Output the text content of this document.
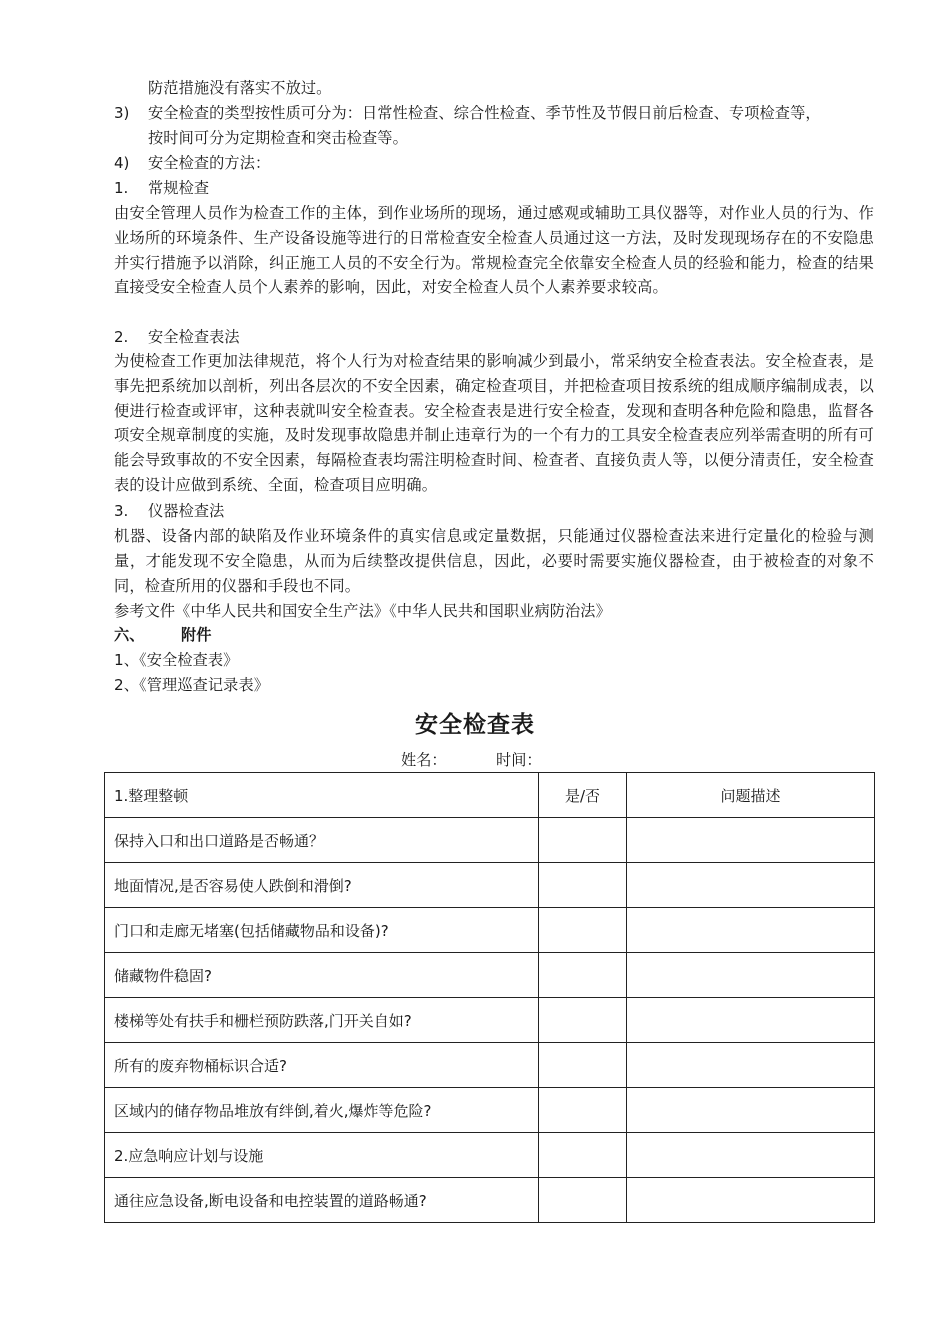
防范措施没有落实不放过。
3) 安全检查的类型按性质可分为：日常性检查、综合性检查、季节性及节假日前后检查、专项检查等，
按时间可分为定期检查和突击检查等。
4) 安全检查的方法：
1. 常规检查
由安全管理人员作为检查工作的主体，到作业场所的现场，通过感观或辅助工具仪器等，对作业人员的行为、作业场所的环境条件、生产设备设施等进行的日常检查安全检查人员通过这一方法，及时发现现场存在的不安隐患并实行措施予以消除，纠正施工人员的不安全行为。常规检查完全依靠安全检查人员的经验和能力，检查的结果直接受安全检查人员个人素养的影响，因此，对安全检查人员个人素养要求较高。
2. 安全检查表法
为使检查工作更加法律规范，将个人行为对检查结果的影响减少到最小，常采纳安全检查表法。安全检查表，是事先把系统加以剖析，列出各层次的不安全因素，确定检查项目，并把检查项目按系统的组成顺序编制成表，以便进行检查或评审，这种表就叫安全检查表。安全检查表是进行安全检查，发现和查明各种危险和隐患，监督各项安全规章制度的实施，及时发现事故隐患并制止违章行为的一个有力的工具安全检查表应列举需查明的所有可能会导致事故的不安全因素，每隔检查表均需注明检查时间、检查者、直接负责人等，以便分清责任，安全检查表的设计应做到系统、全面，检查项目应明确。
3. 仪器检查法
机器、设备内部的缺陷及作业环境条件的真实信息或定量数据，只能通过仪器检查法来进行定量化的检验与测量，才能发现不安全隐患，从而为后续整改提供信息，因此，必要时需要实施仪器检查，由于被检查的对象不同，检查所用的仪器和手段也不同。
参考文件《中华人民共和国安全生产法》《中华人民共和国职业病防治法》
六、 附件
1、《安全检查表》
2、《管理巡查记录表》
安全检查表
姓名：	时间：
1.整理整顿	是/否	问题描述
保持入口和出口道路是否畅通？		
地面情况,是否容易使人跌倒和滑倒?		
门口和走廊无堵塞(包括储藏物品和设备)?		
储藏物件稳固?		
楼梯等处有扶手和栅栏预防跌落,门开关自如?		
所有的废弃物桶标识合适?		
区域内的储存物品堆放有绊倒,着火,爆炸等危险?		
2.应急响应计划与设施		
通往应急设备,断电设备和电控装置的道路畅通?		
